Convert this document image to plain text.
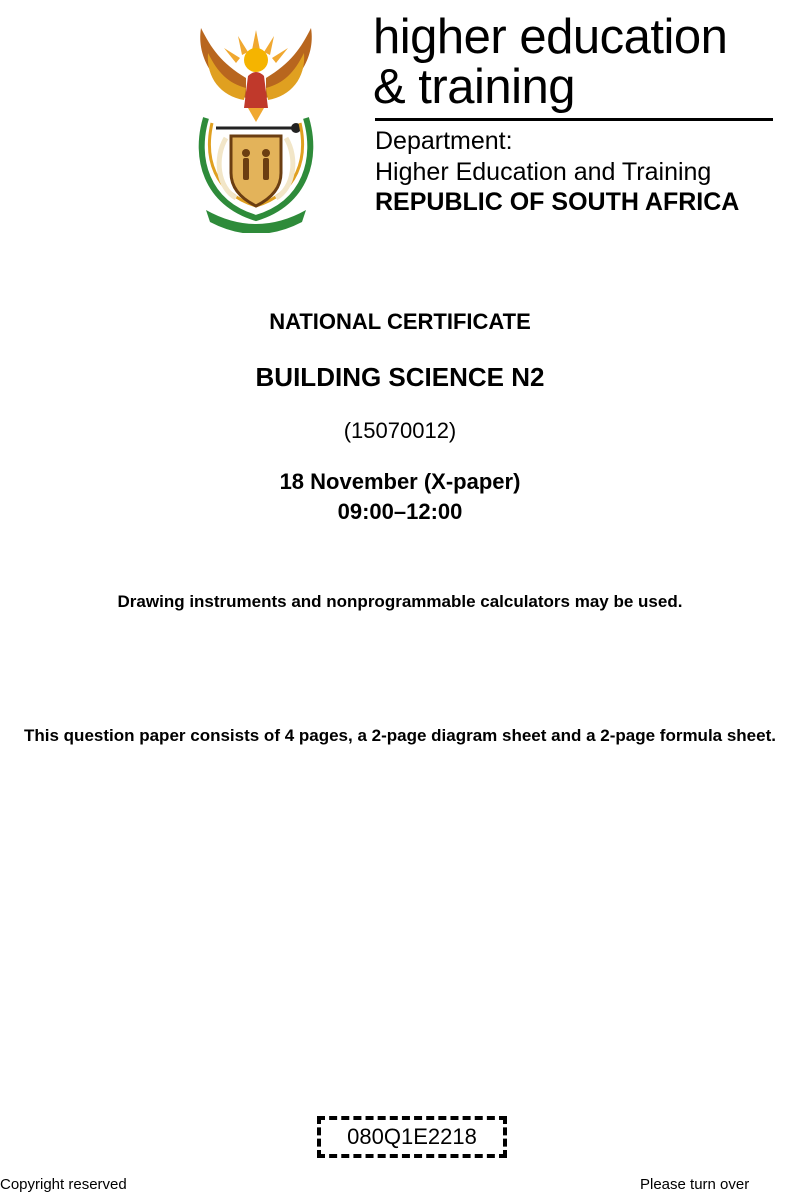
higher education
& training
Department:
Higher Education and Training
REPUBLIC OF SOUTH AFRICA
NATIONAL CERTIFICATE
BUILDING SCIENCE N2
(15070012)
18 November (X-paper)
09:00–12:00
Drawing instruments and nonprogrammable calculators may be used.
This question paper consists of 4 pages, a 2-page diagram sheet and a 2-page formula sheet.
080Q1E2218
Copyright reserved	Please turn over
